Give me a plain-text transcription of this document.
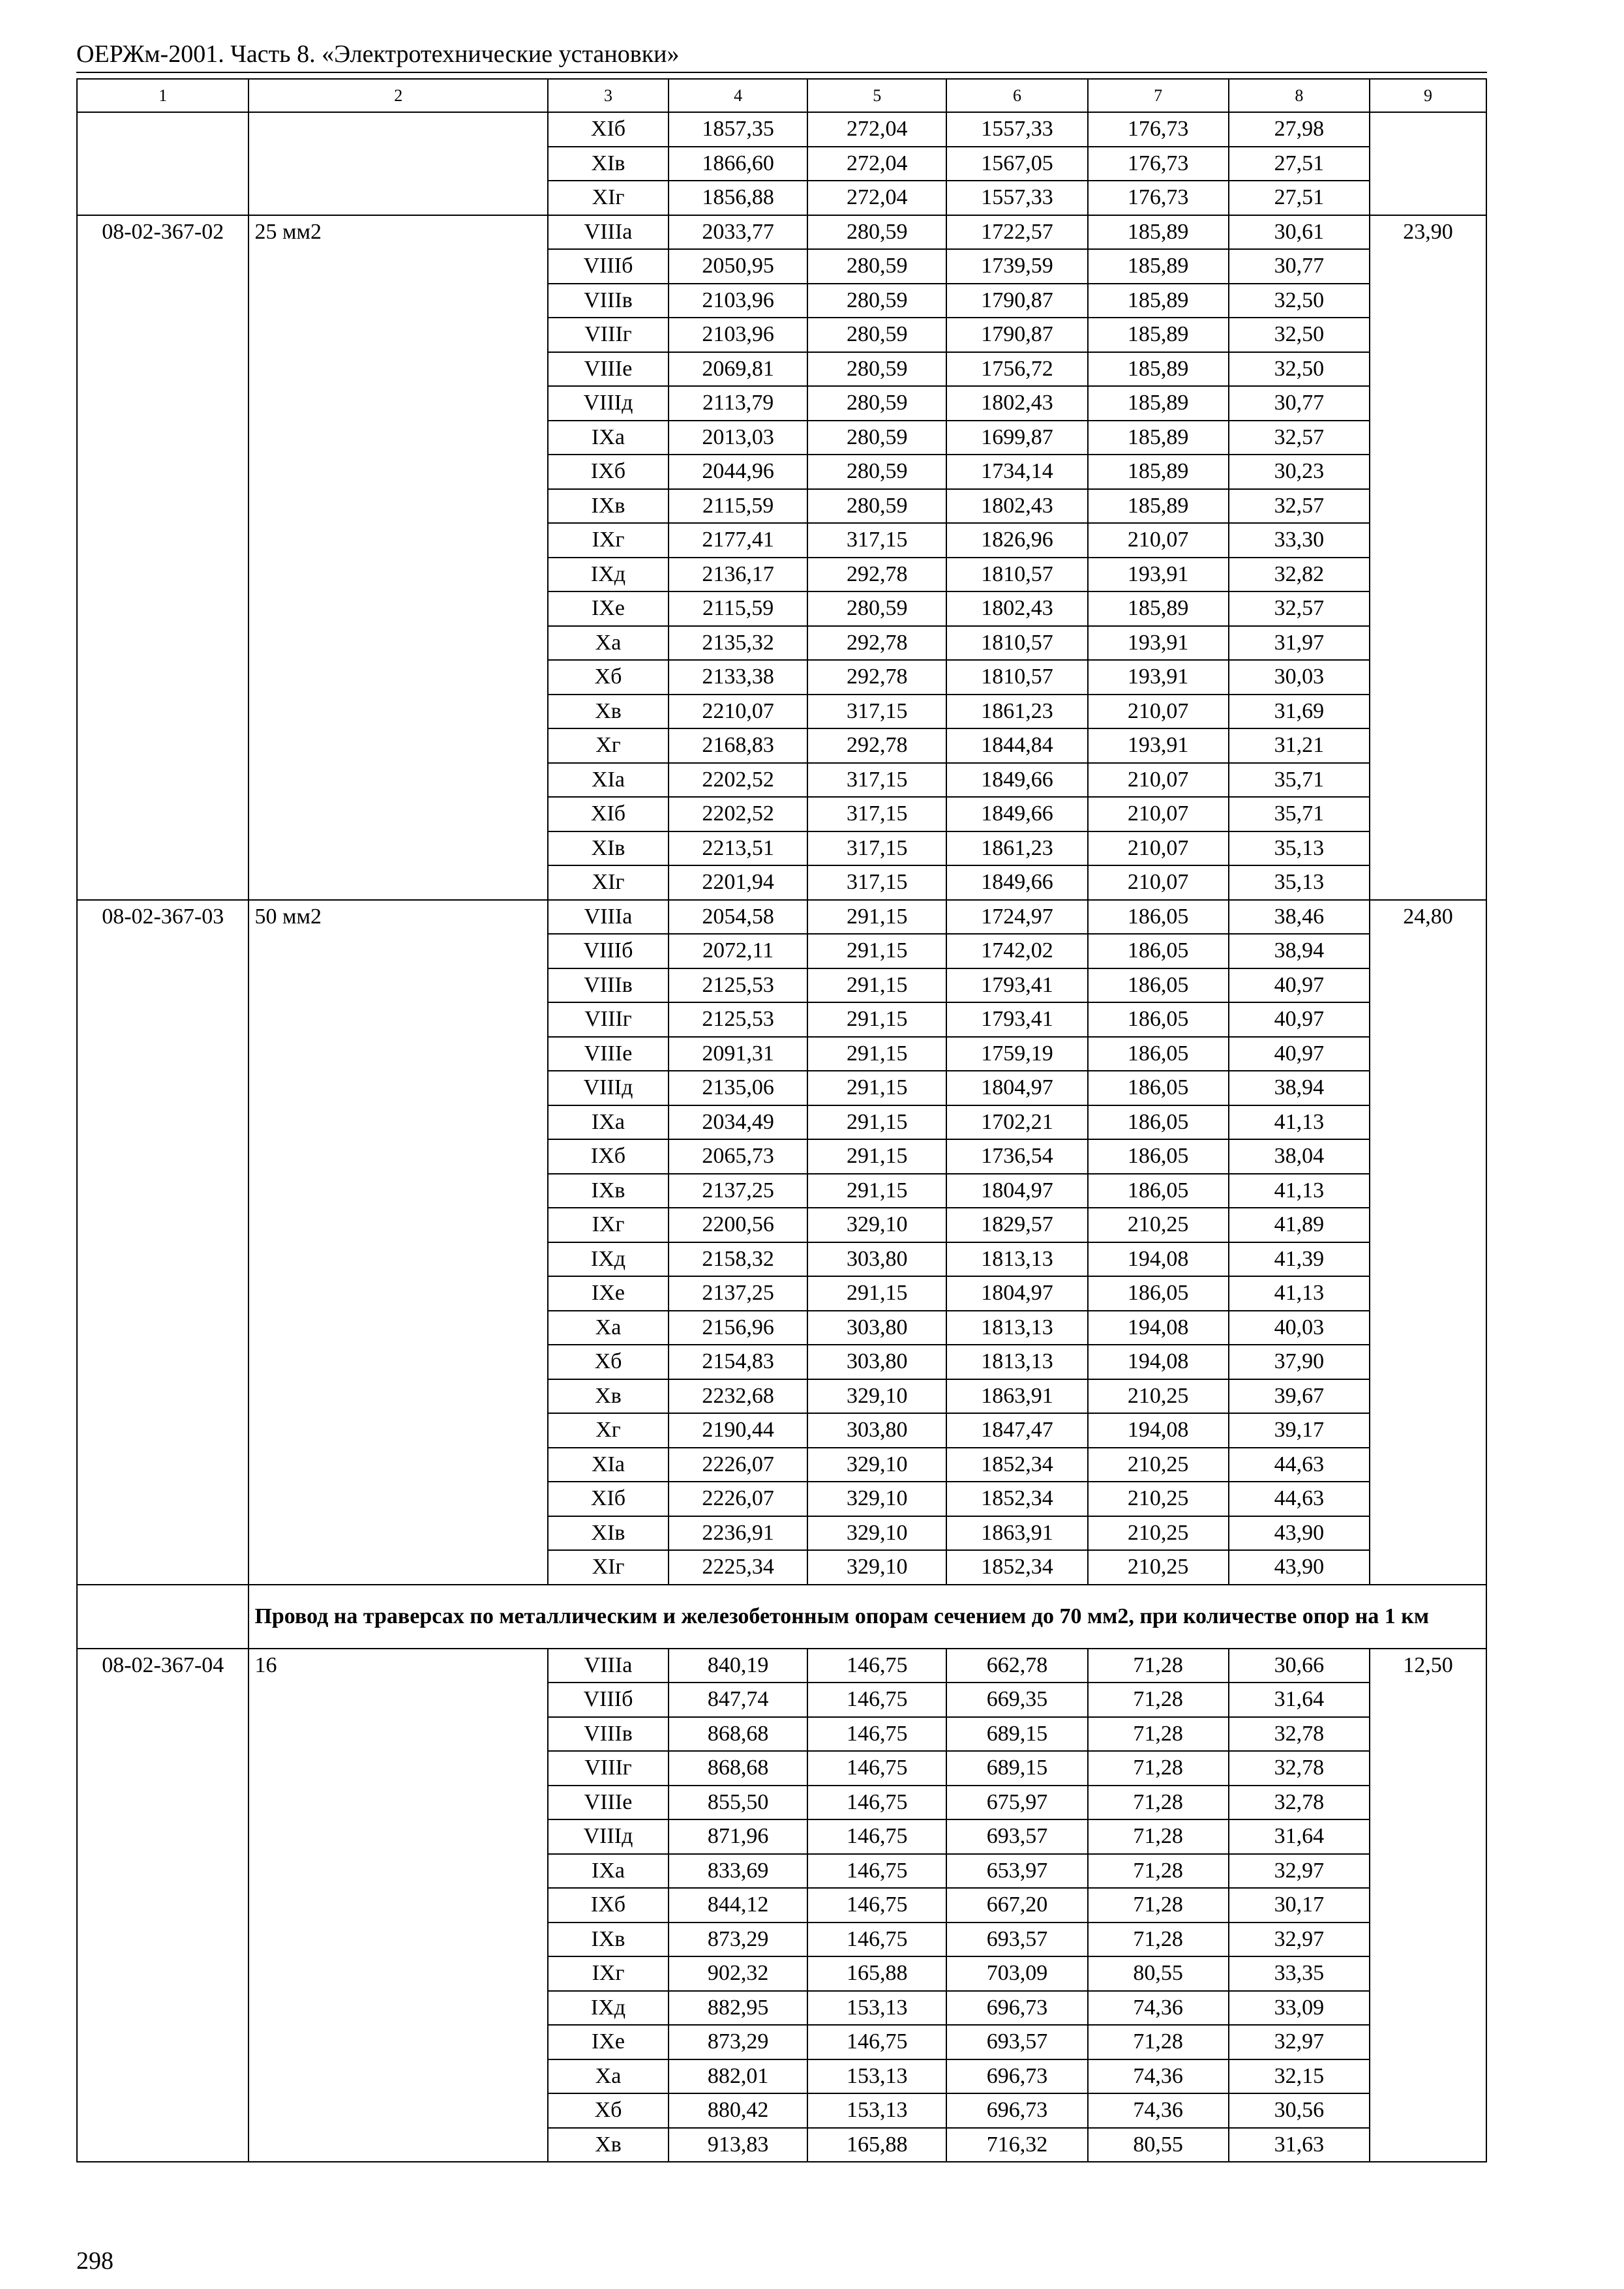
ОЕРЖм-2001. Часть 8. «Электротехнические установки»
1	2	3	4	5	6	7	8	9
		XIб	1857,35	272,04	1557,33	176,73	27,98	
		XIв	1866,60	272,04	1567,05	176,73	27,51	
		XIг	1856,88	272,04	1557,33	176,73	27,51	
08-02-367-02	25 мм2	VIIIа	2033,77	280,59	1722,57	185,89	30,61	23,90
		VIIIб	2050,95	280,59	1739,59	185,89	30,77	
		VIIIв	2103,96	280,59	1790,87	185,89	32,50	
		VIIIг	2103,96	280,59	1790,87	185,89	32,50	
		VIIIе	2069,81	280,59	1756,72	185,89	32,50	
		VIIIд	2113,79	280,59	1802,43	185,89	30,77	
		IXа	2013,03	280,59	1699,87	185,89	32,57	
		IXб	2044,96	280,59	1734,14	185,89	30,23	
		IXв	2115,59	280,59	1802,43	185,89	32,57	
		IXг	2177,41	317,15	1826,96	210,07	33,30	
		IXд	2136,17	292,78	1810,57	193,91	32,82	
		IXе	2115,59	280,59	1802,43	185,89	32,57	
		Xа	2135,32	292,78	1810,57	193,91	31,97	
		Xб	2133,38	292,78	1810,57	193,91	30,03	
		Xв	2210,07	317,15	1861,23	210,07	31,69	
		Xг	2168,83	292,78	1844,84	193,91	31,21	
		XIа	2202,52	317,15	1849,66	210,07	35,71	
		XIб	2202,52	317,15	1849,66	210,07	35,71	
		XIв	2213,51	317,15	1861,23	210,07	35,13	
		XIг	2201,94	317,15	1849,66	210,07	35,13	
08-02-367-03	50 мм2	VIIIа	2054,58	291,15	1724,97	186,05	38,46	24,80
		VIIIб	2072,11	291,15	1742,02	186,05	38,94	
		VIIIв	2125,53	291,15	1793,41	186,05	40,97	
		VIIIг	2125,53	291,15	1793,41	186,05	40,97	
		VIIIе	2091,31	291,15	1759,19	186,05	40,97	
		VIIIд	2135,06	291,15	1804,97	186,05	38,94	
		IXа	2034,49	291,15	1702,21	186,05	41,13	
		IXб	2065,73	291,15	1736,54	186,05	38,04	
		IXв	2137,25	291,15	1804,97	186,05	41,13	
		IXг	2200,56	329,10	1829,57	210,25	41,89	
		IXд	2158,32	303,80	1813,13	194,08	41,39	
		IXе	2137,25	291,15	1804,97	186,05	41,13	
		Xа	2156,96	303,80	1813,13	194,08	40,03	
		Xб	2154,83	303,80	1813,13	194,08	37,90	
		Xв	2232,68	329,10	1863,91	210,25	39,67	
		Xг	2190,44	303,80	1847,47	194,08	39,17	
		XIа	2226,07	329,10	1852,34	210,25	44,63	
		XIб	2226,07	329,10	1852,34	210,25	44,63	
		XIв	2236,91	329,10	1863,91	210,25	43,90	
		XIг	2225,34	329,10	1852,34	210,25	43,90	
	Провод на траверсах по металлическим и железобетонным опорам сечением до 70 мм2, при количестве опор на 1 км							
08-02-367-04	16	VIIIа	840,19	146,75	662,78	71,28	30,66	12,50
		VIIIб	847,74	146,75	669,35	71,28	31,64	
		VIIIв	868,68	146,75	689,15	71,28	32,78	
		VIIIг	868,68	146,75	689,15	71,28	32,78	
		VIIIе	855,50	146,75	675,97	71,28	32,78	
		VIIIд	871,96	146,75	693,57	71,28	31,64	
		IXа	833,69	146,75	653,97	71,28	32,97	
		IXб	844,12	146,75	667,20	71,28	30,17	
		IXв	873,29	146,75	693,57	71,28	32,97	
		IXг	902,32	165,88	703,09	80,55	33,35	
		IXд	882,95	153,13	696,73	74,36	33,09	
		IXе	873,29	146,75	693,57	71,28	32,97	
		Xа	882,01	153,13	696,73	74,36	32,15	
		Xб	880,42	153,13	696,73	74,36	30,56	
		Xв	913,83	165,88	716,32	80,55	31,63	
298
